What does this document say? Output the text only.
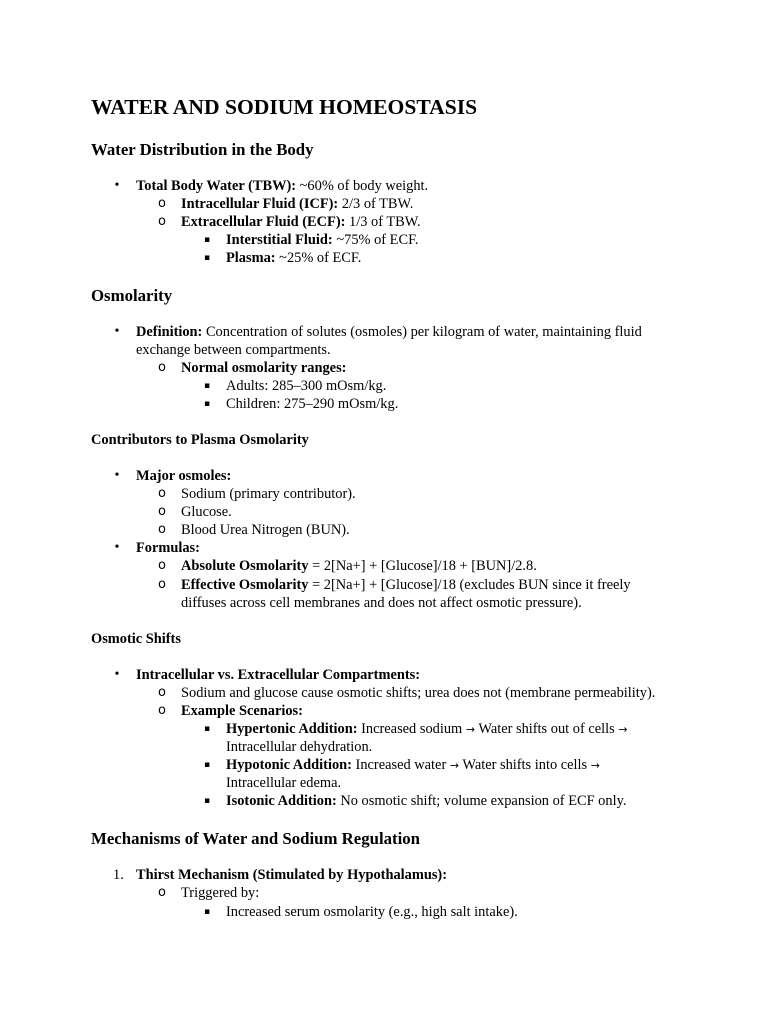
WATER AND SODIUM HOMEOSTASIS
Water Distribution in the Body
•	Total Body Water (TBW): ~60% of body weight.
o Intracellular Fluid (ICF): 2/3 of TBW.
o Extracellular Fluid (ECF): 1/3 of TBW.
▪ Interstitial Fluid: ~75% of ECF.
▪ Plasma: ~25% of ECF.
Osmolarity
•	Definition: Concentration of solutes (osmoles) per kilogram of water, maintaining fluid
exchange between compartments.
o Normal osmolarity ranges:
▪ Adults: 285–300 mOsm/kg.
▪ Children: 275–290 mOsm/kg.
Contributors to Plasma Osmolarity
•	Major osmoles:
o Sodium (primary contributor).
o Glucose.
o Blood Urea Nitrogen (BUN).
•	Formulas:
o Absolute Osmolarity = 2[Na+] + [Glucose]/18 + [BUN]/2.8.
o Effective Osmolarity = 2[Na+] + [Glucose]/18 (excludes BUN since it freely
diffuses across cell membranes and does not affect osmotic pressure).
Osmotic Shifts
•	Intracellular vs. Extracellular Compartments:
o Sodium and glucose cause osmotic shifts; urea does not (membrane permeability).
o Example Scenarios:
▪ Hypertonic Addition: Increased sodium → Water shifts out of cells →
Intracellular dehydration.
▪ Hypotonic Addition: Increased water → Water shifts into cells →
Intracellular edema.
▪ Isotonic Addition: No osmotic shift; volume expansion of ECF only.
Mechanisms of Water and Sodium Regulation
1. Thirst Mechanism (Stimulated by Hypothalamus):
o Triggered by:
▪ Increased serum osmolarity (e.g., high salt intake).
